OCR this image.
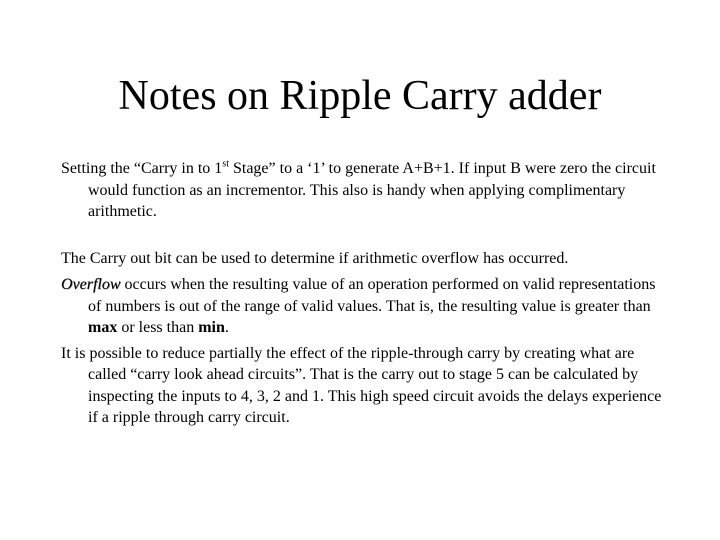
Notes on Ripple Carry adder

Setting the “Carry in to 1st Stage” to a ‘1’ to generate A+B+1. If input B were zero the circuit would function as an incrementor. This also is handy when applying complimentary arithmetic.

The Carry out bit can be used to determine if arithmetic overflow has occurred.

Overflow occurs when the resulting value of an operation performed on valid representations of numbers is out of the range of valid values. That is, the resulting value is greater than max or less than min.

It is possible to reduce partially the effect of the ripple-through carry by creating what are called “carry look ahead circuits”. That is the carry out to stage 5 can be calculated by inspecting the inputs to 4, 3, 2 and 1. This high speed circuit avoids the delays experience if a ripple through carry circuit.
